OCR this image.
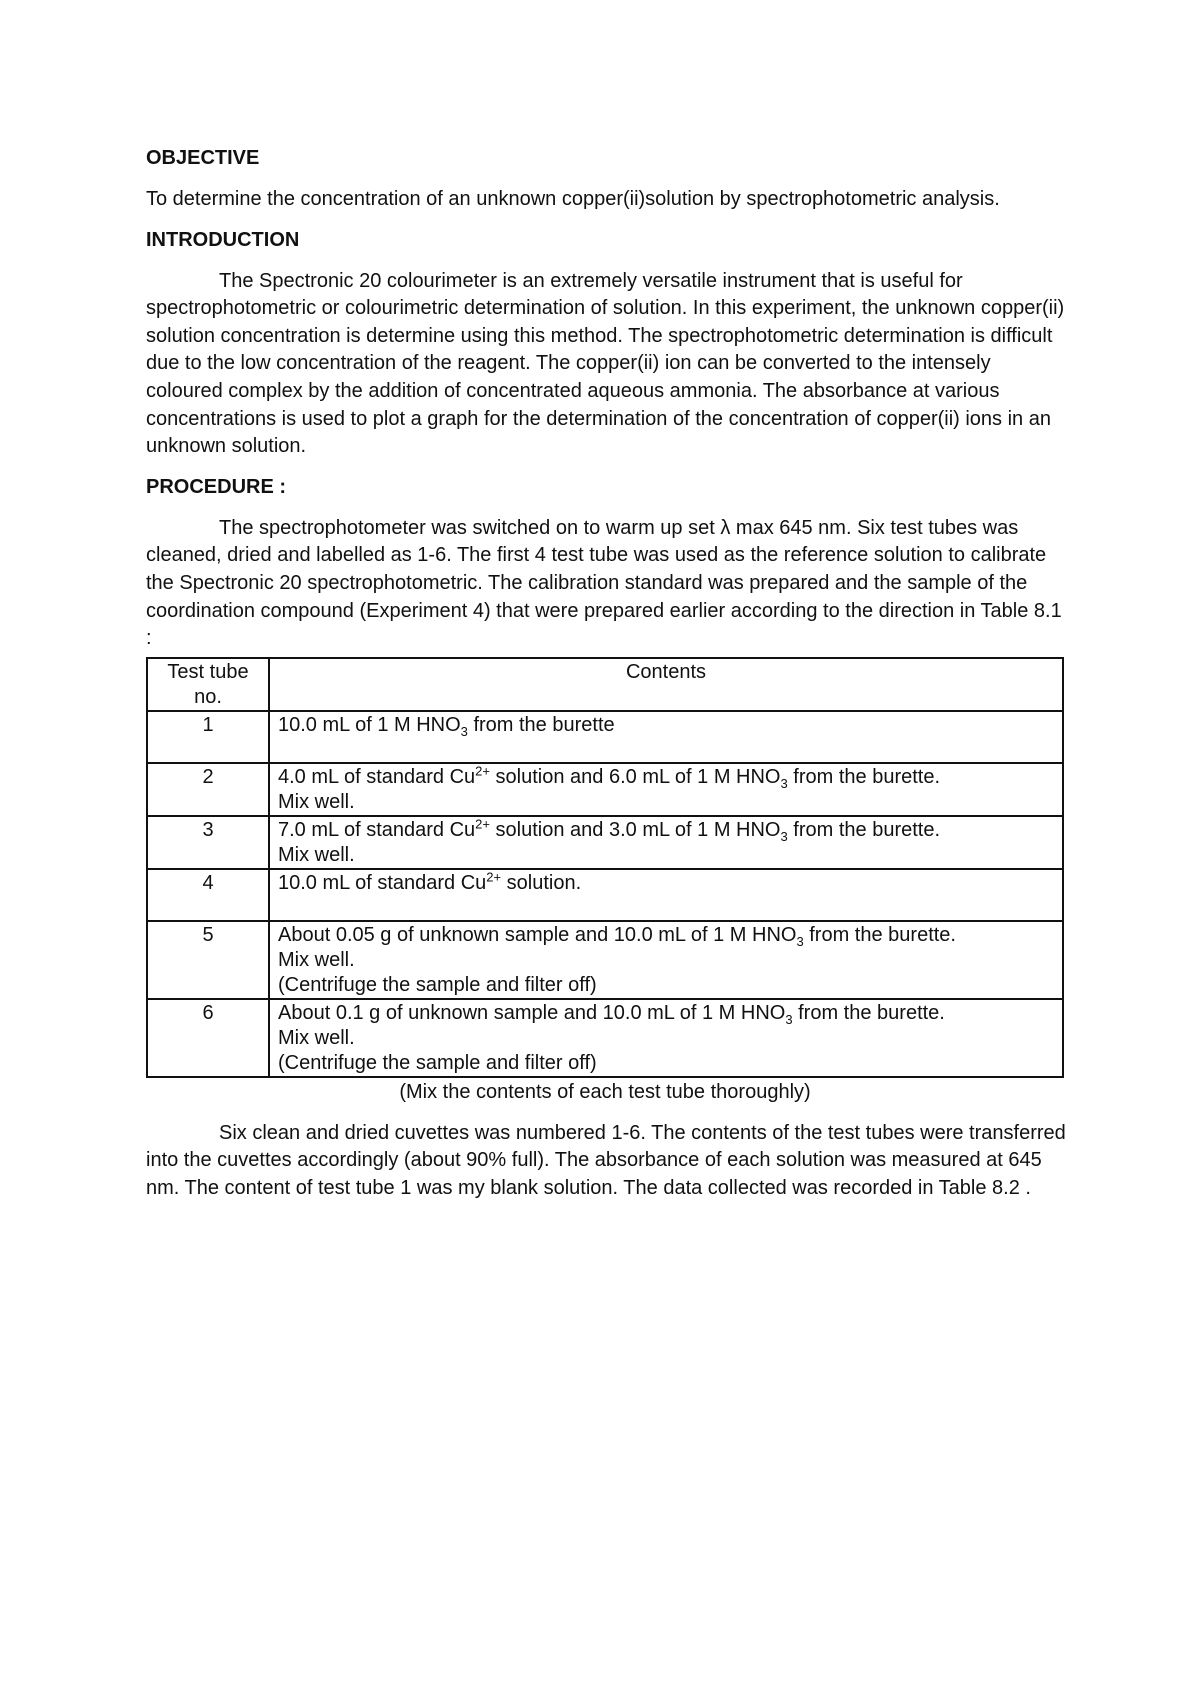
OBJECTIVE

To determine the concentration of an unknown copper(ii)solution by spectrophotometric analysis.

INTRODUCTION

The Spectronic 20 colourimeter is an extremely versatile instrument that is useful for spectrophotometric or colourimetric determination of solution. In this experiment, the unknown copper(ii) solution concentration is determine using this method. The spectrophotometric determination is difficult due to the low concentration of the reagent. The copper(ii) ion can be converted to the intensely coloured complex by the addition of concentrated aqueous ammonia. The absorbance at various concentrations is used to plot a graph for the determination of the concentration of copper(ii) ions in an unknown solution.

PROCEDURE :

The spectrophotometer was switched on to warm up set λ max 645 nm. Six test tubes was cleaned, dried and labelled as 1-6. The first 4 test tube was used as the reference solution to calibrate the Spectronic 20 spectrophotometric. The calibration standard was prepared and the sample of the coordination compound (Experiment 4) that were prepared earlier according to the direction in Table 8.1 :

Test tube no.	Contents
1	10.0 mL of 1 M $HNO_3$ from the burette
2	4.0 mL of standard $Cu^{2+}$ solution and 6.0 mL of 1 M $HNO_3$ from the burette.
Mix well.

3	7.0 mL of standard $Cu^{2+}$ solution and 3.0 mL of 1 M $HNO_3$ from the burette.
Mix well.

4	10.0 mL of standard $Cu^{2+}$ solution.
5	About 0.05 g of unknown sample and 10.0 mL of 1 M $HNO_3$ from the burette.
Mix well.
(Centrifuge the sample and filter off)

6	About 0.1 g of unknown sample and 10.0 mL of 1 M $HNO_3$ from the burette.
Mix well.
(Centrifuge the sample and filter off)
(Mix the contents of each test tube thoroughly)

Six clean and dried cuvettes was numbered 1-6. The contents of the test tubes were transferred into the cuvettes accordingly (about 90% full). The absorbance of each solution was measured at 645 nm. The content of test tube 1 was my blank solution. The data collected was recorded in Table 8.2 .
